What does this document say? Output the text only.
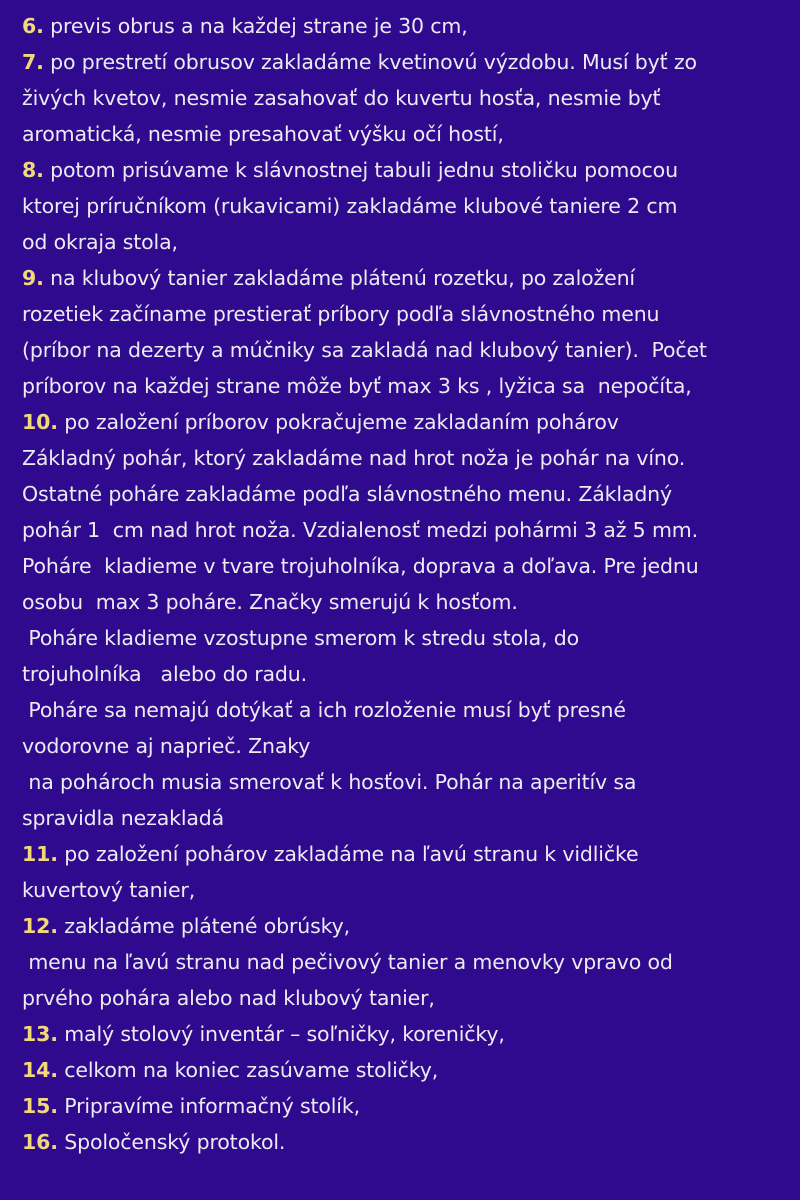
6. previs obrus a na každej strane je 30 cm,
7. po prestretí obrusov zakladáme kvetinovú výzdobu. Musí byť zo
živých kvetov, nesmie zasahovať do kuvertu hosťa, nesmie byť
aromatická, nesmie presahovať výšku očí hostí,
8. potom prisúvame k slávnostnej tabuli jednu stoličku pomocou
ktorej príručníkom (rukavicami) zakladáme klubové taniere 2 cm
od okraja stola,
9. na klubový tanier zakladáme plátenú rozetku, po založení
rozetiek začíname prestierať príbory podľa slávnostného menu
(príbor na dezerty a múčniky sa zakladá nad klubový tanier).  Počet
príborov na každej strane môže byť max 3 ks , lyžica sa  nepočíta,
10. po založení príborov pokračujeme zakladaním pohárov
Základný pohár, ktorý zakladáme nad hrot noža je pohár na víno.
Ostatné poháre zakladáme podľa slávnostného menu. Základný
pohár 1  cm nad hrot noža. Vzdialenosť medzi pohármi 3 až 5 mm.
Poháre  kladieme v tvare trojuholníka, doprava a doľava. Pre jednu
osobu  max 3 poháre. Značky smerujú k hosťom.
Poháre kladieme vzostupne smerom k stredu stola, do
trojuholníka   alebo do radu.
Poháre sa nemajú dotýkať a ich rozloženie musí byť presné
vodorovne aj naprieč. Znaky
na pohároch musia smerovať k hosťovi. Pohár na aperitív sa
spravidla nezakladá
11. po založení pohárov zakladáme na ľavú stranu k vidličke
kuvertový tanier,
12. zakladáme plátené obrúsky,
menu na ľavú stranu nad pečivový tanier a menovky vpravo od
prvého pohára alebo nad klubový tanier,
13. malý stolový inventár – soľničky, koreničky,
14. celkom na koniec zasúvame stoličky,
15. Pripravíme informačný stolík,
16. Spoločenský protokol.
